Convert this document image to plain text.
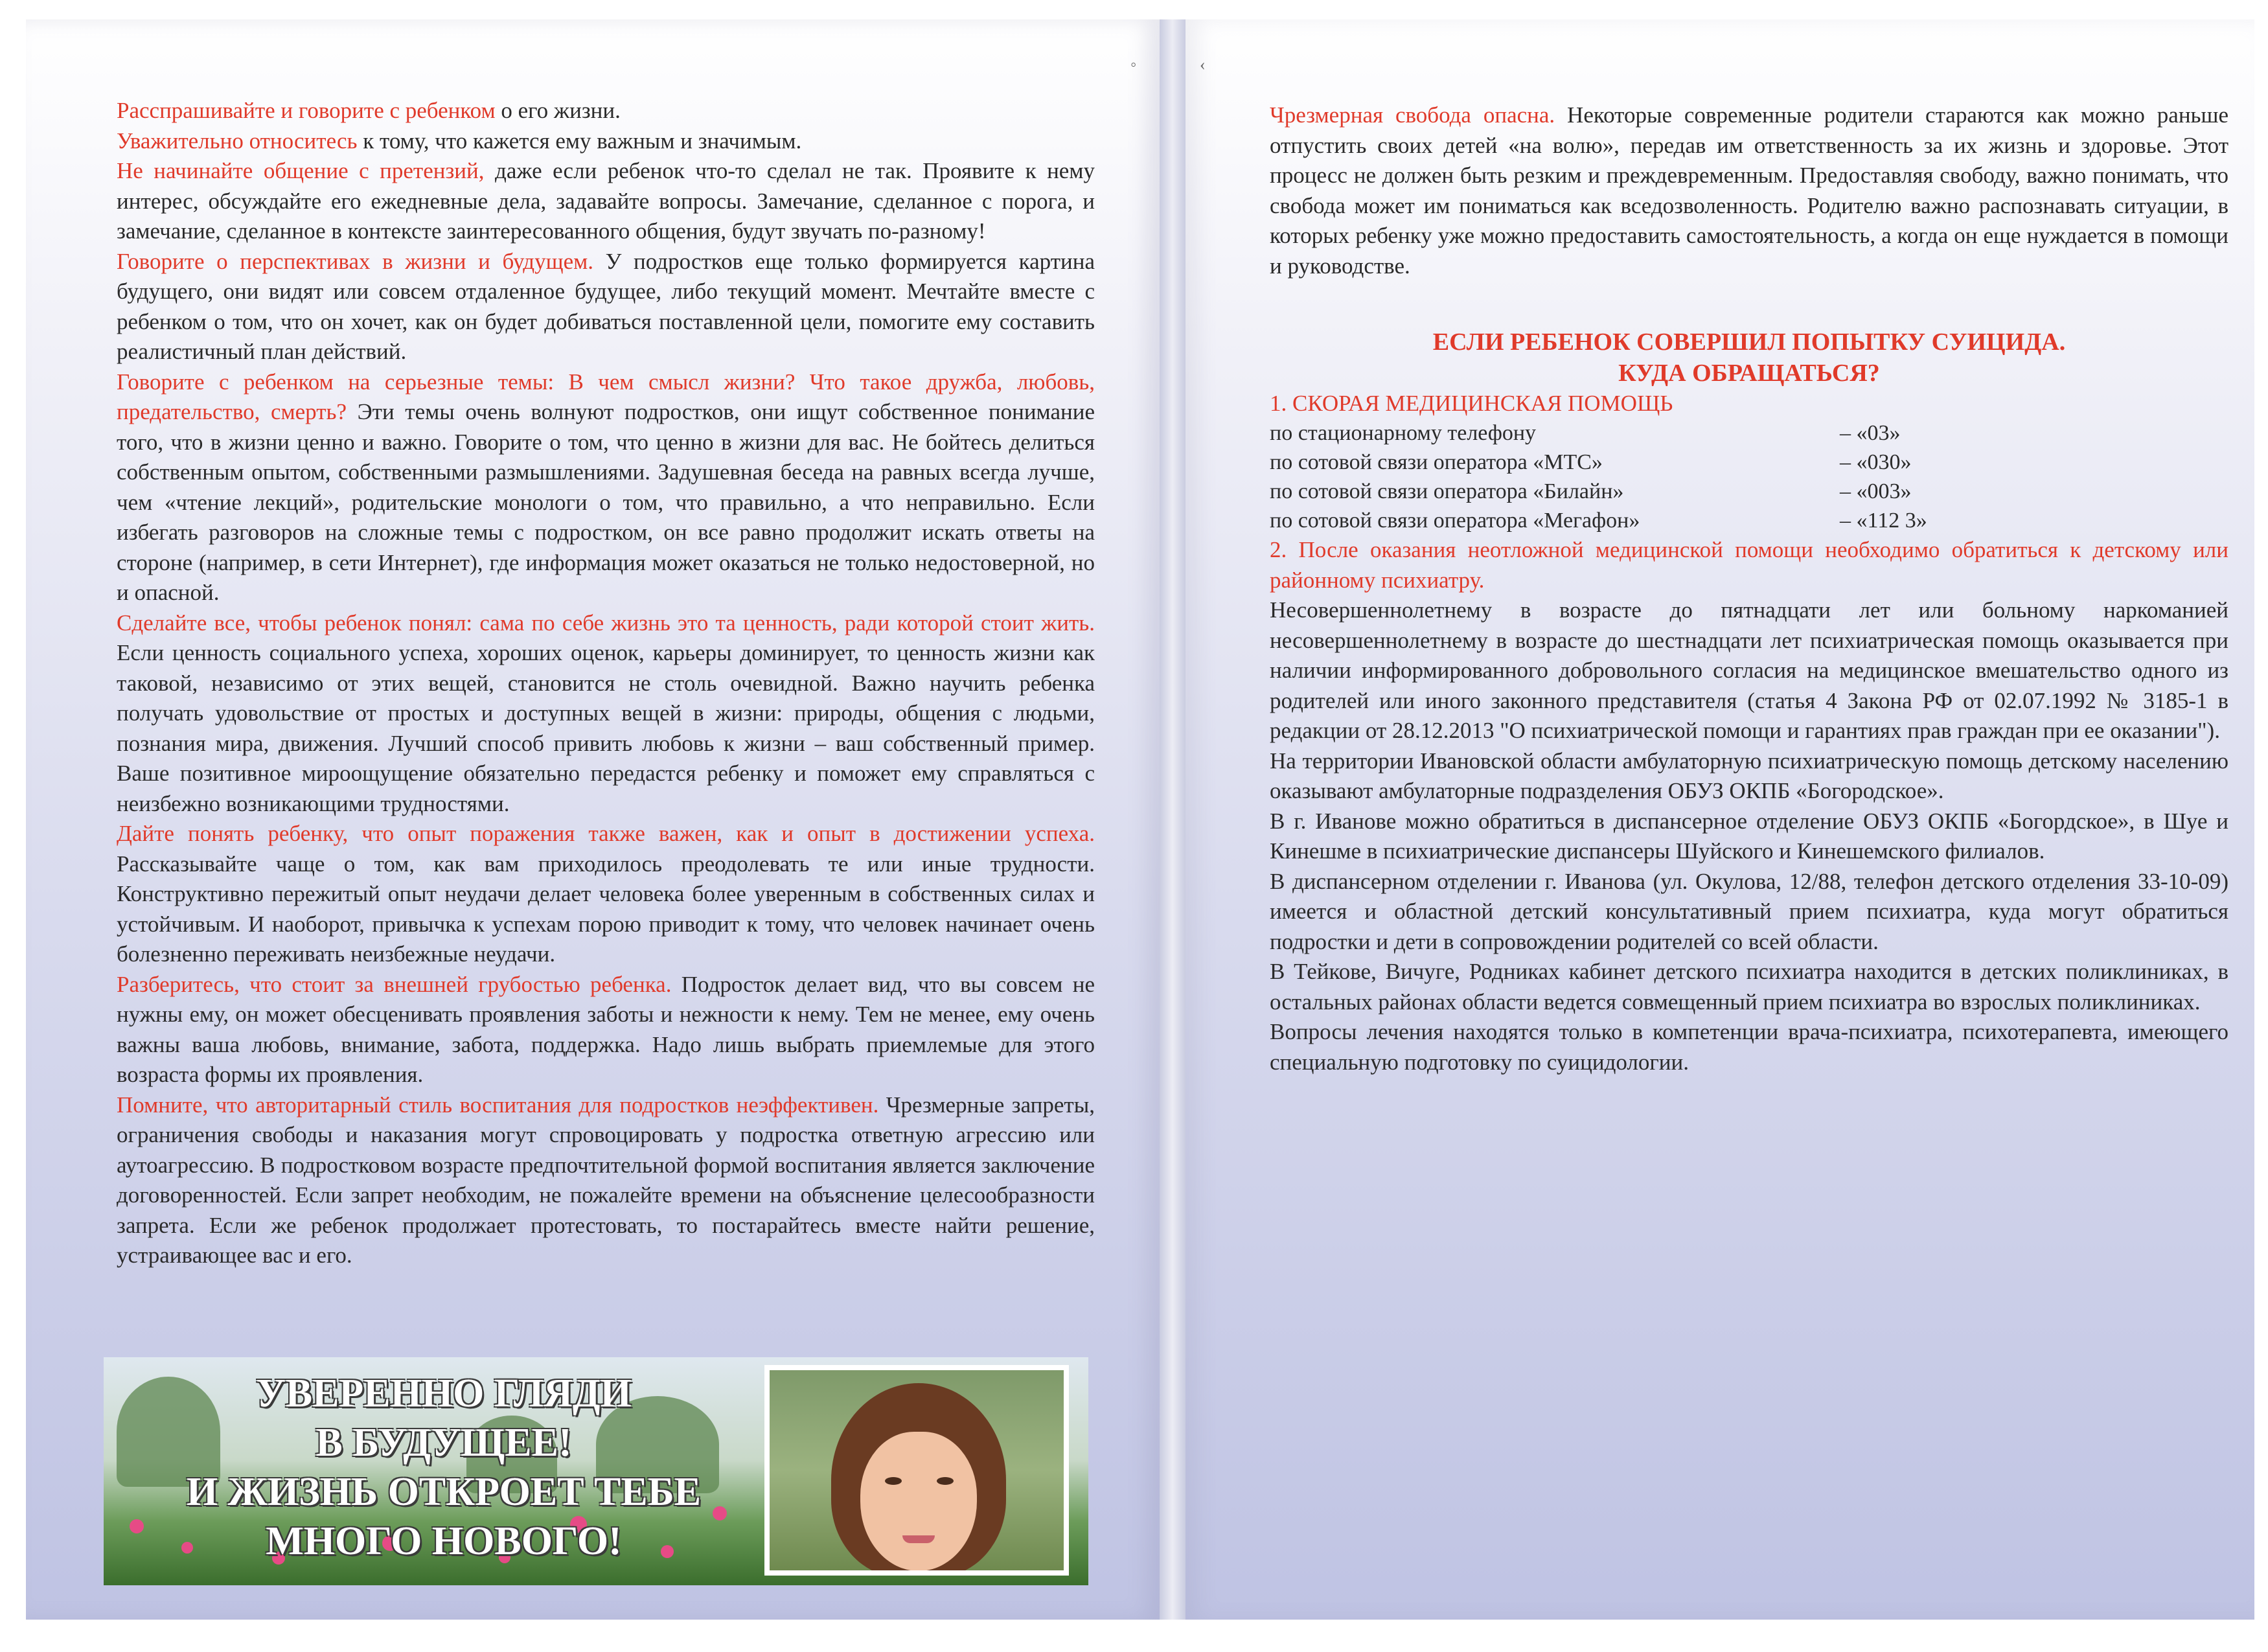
◦

Расспрашивайте и говорите с ребенком о его жизни.

Уважительно относитесь к тому, что кажется ему важным и значимым.

Не начинайте общение с претензий, даже если ребенок что-то сделал не так. Проявите к нему интерес, обсуждайте его ежедневные дела, задавайте вопросы. Замечание, сделанное с порога, и замечание, сделанное в контексте заинтересованного общения, будут звучать по-разному!

Говорите о перспективах в жизни и будущем. У подростков еще только формируется картина будущего, они видят или совсем отдаленное будущее, либо текущий момент. Мечтайте вместе с ребенком о том, что он хочет, как он будет добиваться поставленной цели, помогите ему составить реалистичный план действий.

Говорите с ребенком на серьезные темы: В чем смысл жизни? Что такое дружба, любовь, предательство, смерть? Эти темы очень волнуют подростков, они ищут собственное понимание того, что в жизни ценно и важно. Говорите о том, что ценно в жизни для вас. Не бойтесь делиться собственным опытом, собственными размышлениями. Задушевная беседа на равных всегда лучше, чем «чтение лекций», родительские монологи о том, что правильно, а что неправильно. Если избегать разговоров на сложные темы с подростком, он все равно продолжит искать ответы на стороне (например, в сети Интернет), где информация может оказаться не только недостоверной, но и опасной.

Сделайте все, чтобы ребенок понял: сама по себе жизнь это та ценность, ради которой стоит жить. Если ценность социального успеха, хороших оценок, карьеры доминирует, то ценность жизни как таковой, независимо от этих вещей, становится не столь очевидной. Важно научить ребенка получать удовольствие от простых и доступных вещей в жизни: природы, общения с людьми, познания мира, движения. Лучший способ привить любовь к жизни – ваш собственный пример. Ваше позитивное мироощущение обязательно передастся ребенку и поможет ему справляться с неизбежно возникающими трудностями.

Дайте понять ребенку, что опыт поражения также важен, как и опыт в достижении успеха. Рассказывайте чаще о том, как вам приходилось преодолевать те или иные трудности. Конструктивно пережитый опыт неудачи делает человека более уверенным в собственных силах и устойчивым. И наоборот, привычка к успехам порою приводит к тому, что человек начинает очень болезненно переживать неизбежные неудачи.

Разберитесь, что стоит за внешней грубостью ребенка. Подросток делает вид, что вы совсем не нужны ему, он может обесценивать проявления заботы и нежности к нему. Тем не менее, ему очень важны ваша любовь, внимание, забота, поддержка. Надо лишь выбрать приемлемые для этого возраста формы их проявления.

Помните, что авторитарный стиль воспитания для подростков неэффективен. Чрезмерные запреты, ограничения свободы и наказания могут спровоцировать у подростка ответную агрессию или аутоагрессию. В подростковом возрасте предпочтительной формой воспитания является заключение договоренностей. Если запрет необходим, не пожалейте времени на объяснение целесообразности запрета. Если же ребенок продолжает протестовать, то постарайтесь вместе найти решение, устраивающее вас и его.

УВЕРЕННО ГЛЯДИ
В БУДУЩЕЕ!
И ЖИЗНЬ ОТКРОЕТ ТЕБЕ
МНОГО НОВОГО!
‹

Чрезмерная свобода опасна. Некоторые современные родители стараются как можно раньше отпустить своих детей «на волю», передав им ответственность за их жизнь и здоровье. Этот процесс не должен быть резким и преждевременным. Предоставляя свободу, важно понимать, что свобода может им пониматься как вседозволенность. Родителю важно распознавать ситуации, в которых ребенку уже можно предоставить самостоятельность, а когда он еще нуждается в помощи и руководстве.

ЕСЛИ РЕБЕНОК СОВЕРШИЛ ПОПЫТКУ СУИЦИДА.

КУДА ОБРАЩАТЬСЯ?

1. СКОРАЯ МЕДИЦИНСКАЯ ПОМОЩЬ

по стационарному телефону	– «03»
по сотовой связи оператора «МТС»	– «030»
по сотовой связи оператора «Билайн»	– «003»
по сотовой связи оператора «Мегафон»	– «112 3»

2. После оказания неотложной медицинской помощи необходимо обратиться к детскому или районному психиатру.

Несовершеннолетнему в возрасте до пятнадцати лет или больному наркоманией несовершеннолетнему в возрасте до шестнадцати лет психиатрическая помощь оказывается при наличии информированного добровольного согласия на медицинское вмешательство одного из родителей или иного законного представителя (статья 4 Закона РФ от 02.07.1992 № 3185-1 в редакции от 28.12.2013 "О психиатрической помощи и гарантиях прав граждан при ее оказании").

На территории Ивановской области амбулаторную психиатрическую помощь детскому населению оказывают амбулаторные подразделения ОБУЗ ОКПБ «Богородское».

В г. Иванове можно обратиться в диспансерное отделение ОБУЗ ОКПБ «Богордское», в Шуе и Кинешме в психиатрические диспансеры Шуйского и Кинешемского филиалов.

В диспансерном отделении г. Иванова (ул. Окулова, 12/88, телефон детского отделения 33-10-09) имеется и областной детский консультативный прием психиатра, куда могут обратиться подростки и дети в сопровождении родителей со всей области.

В Тейкове, Вичуге, Родниках кабинет детского психиатра находится в детских поликлиниках, в остальных районах области ведется совмещенный прием психиатра во взрослых поликлиниках.

Вопросы лечения находятся только в компетенции врача-психиатра, психотерапевта, имеющего специальную подготовку по суицидологии.
